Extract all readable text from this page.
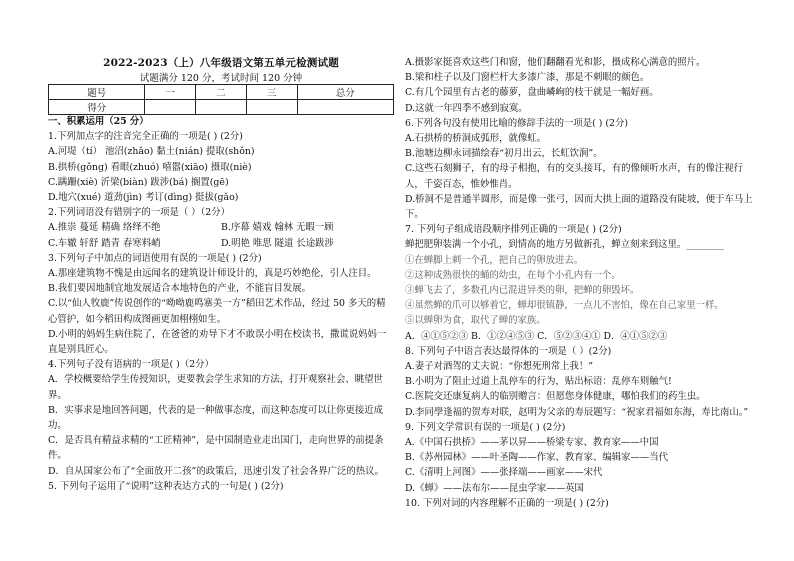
2022-2023（上）八年级语文第五单元检测试题
试题满分 120 分，考试时间 120 分钟
题号	一	二	三	总分
得分				
一、积累运用（25 分）
1.下列加点字的注音完全正确的一项是( ) (2分)
A.河堤（tí） 池沼(zhǎo) 黏土(nián) 提取(shǒn)
B.拱桥(gǒng) 看眼(zhuó) 嘻嚣(xiāo) 摄取(niè)
C.蹒跚(xiè) 沂梁(biàn) 跋涉(bá) 搁置(gē)
D.地穴(xué) 道劲(jìn) 考订(dìng) 挺拔(gǎo)
2.下列词语没有错别字的一项是（ ）（2分）
A.推崇 蔓延 精确 络绎不绝	B.序幕 嬉戏 翰林 无暇一顾
C.车辙 轩舒 踏青 春寒料峭	D.明艳 唯思 隧道 长途跋涉
3.下列句子中加点的词语使用有误的一项是( ) (2分)
A.那座建筑物不愧是由远闻名的建筑设计师设计的，真是巧妙绝伦，引人注目。
B.我们要因地制宜地发展适合本地特色的产业，不能盲目发展。
C.以“仙人牧鹿”传说创作的“呦呦鹿鸣寨美一方”稻田艺术作品，经过 50 多天的精心管护，如今稻田构成图画更加栩栩如生。
D.小明的妈妈生病住院了，在爸爸的劝导下才不敢误小明在校读书，撒谎说妈妈一直是别具匠心。
4.下列句子没有语病的一项是( )（2分）
A．学校概要给学生传授知识，更要教会学生求知的方法，打开观察社会、眺望世界。
B．实事求是地回答问题，代表的是一种做事态度，而这种态度可以让你更接近成功。
C．是否具有精益求精的“工匠精神”，是中国制造业走出国门，走向世界的前提条件。
D．自从国家公布了“全面放开二孩”的政策后，迅速引发了社会各界广泛的热议。
5. 下列句子运用了“说明”这种表达方式的一句是( ) (2分)
A.摄影家挺喜欢这些门和窗，他们翻翻看光和影，摄成称心满意的照片。
B.梁和柱子以及门窗栏杆大多漆广漆，那是不刺眼的颜色。
C.有几个园里有古老的藤萝，盘曲嶙峋的枝干就是一幅好画。
D.这就一年四季不感到寂寞。
6.下列各句没有使用比喻的修辞手法的一项是( ) (2分)
A.石拱桥的桥洞成弧形，就像虹。
B.池塘边柳永词描绘春“初月出云，长虹饮涧”。
C.这些石刻狮子，有的母子相抱，有的交头接耳，有的像倾听水声，有的像注视行人，千姿百态，惟妙惟肖。
D.桥洞不是普通半圆形，而是像一张弓，因而大拱上面的道路没有陡坡，便于车马上下。
7. 下列句子组成语段顺序排列正确的一项是( ) (2分)
蝉把肥卵装满一个小孔，到情高的地方另做新孔，蝉立刻来到这里。________
①在蝉脚上刺一个孔，把自己的卵放进去。
②这种成熟很快的蛹的幼虫，在每个小孔内有一个。
③蝉飞去了，多数孔内已混进异类的卵，把蝉的卵毁坏。
④虽然蝉的爪可以够着它，蝉却很镇静，一点儿不害怕，像在自己家里一样。
⑤以蝉卵为食，取代了蝉的家族。
A．④①⑤②③ B．①②④⑤③ C．⑤②③④① D．④①⑤②③
8. 下列句子中语言表达最得体的一项是（ ）(2分)
A.妻子对酒驾的丈夫说：“你想死刑常上我！”
B.小明为了阻止过道上乱停车的行为，贴出标语：乱停车则触气!
C.医院交还康复病人的临别赠言：但愿您身体健康，哪怕我们的药生虫。
D.李同學逢福的贺寿对联，赵明为父亲的寿辰题写：“祝家君福如东海，寿比南山。”
9. 下列文学常识有误的一项是( ) (2分)
A.《中国石拱桥》——茅以昇——桥梁专家、教育家——中国
B.《苏州园林》——叶圣陶——作家、教育家、编辑家——当代
C.《清明上河图》——张择端——画家——宋代
D.《蝉》——法布尔——昆虫学家——英国
10. 下列对词的内容理解不正确的一项是( ) (2分)
